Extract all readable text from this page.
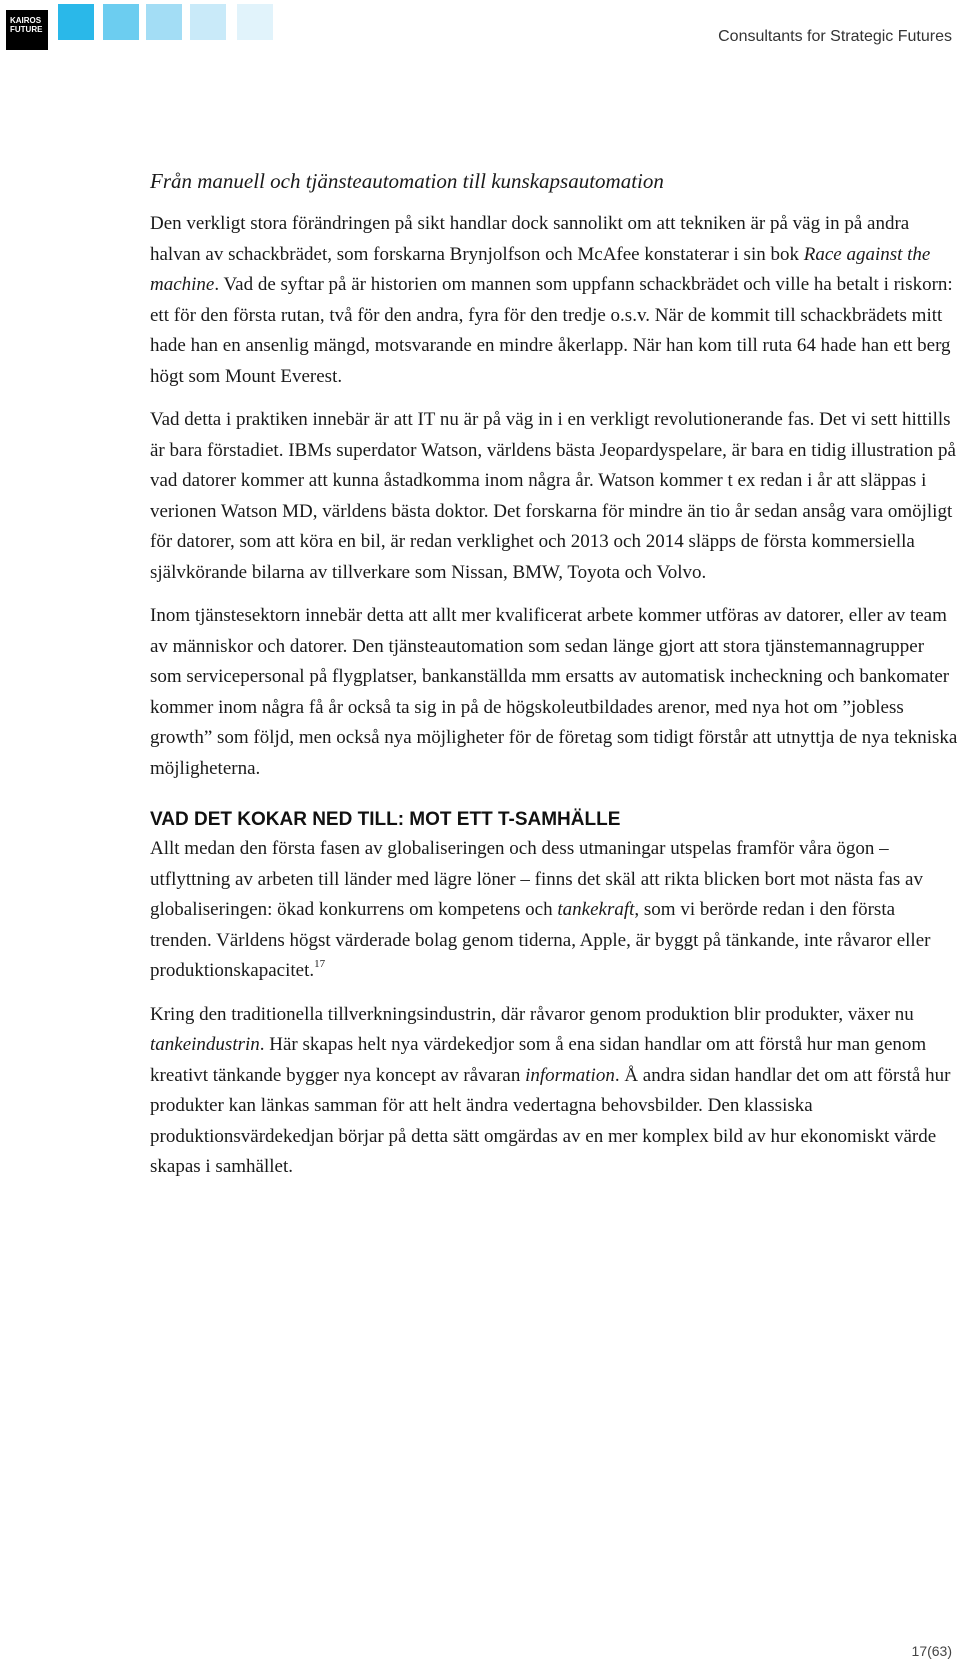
KAIROS
FUTURE	Consultants for Strategic Futures

Från manuell och tjänsteautomation till kunskapsautomation

Den verkligt stora förändringen på sikt handlar dock sannolikt om att tekniken är på väg in på andra halvan av schackbrädet, som forskarna Brynjolfson och McAfee konstaterar i sin bok Race against the machine. Vad de syftar på är historien om mannen som uppfann schackbrädet och ville ha betalt i riskorn: ett för den första rutan, två för den andra, fyra för den tredje o.s.v. När de kommit till schackbrädets mitt hade han en ansenlig mängd, motsvarande en mindre åkerlapp. När han kom till ruta 64 hade han ett berg högt som Mount Everest.

Vad detta i praktiken innebär är att IT nu är på väg in i en verkligt revolutionerande fas. Det vi sett hittills är bara förstadiet. IBMs superdator Watson, världens bästa Jeopardyspelare, är bara en tidig illustration på vad datorer kommer att kunna åstadkomma inom några år. Watson kommer t ex redan i år att släppas i verionen Watson MD, världens bästa doktor. Det forskarna för mindre än tio år sedan ansåg vara omöjligt för datorer, som att köra en bil, är redan verklighet och 2013 och 2014 släpps de första kommersiella självkörande bilarna av tillverkare som Nissan, BMW, Toyota och Volvo.

Inom tjänstesektorn innebär detta att allt mer kvalificerat arbete kommer utföras av datorer, eller av team av människor och datorer. Den tjänsteautomation som sedan länge gjort att stora tjänstemannagrupper som servicepersonal på flygplatser, bankanställda mm ersatts av automatisk incheckning och bankomater kommer inom några få år också ta sig in på de högskoleutbildades arenor, med nya hot om ”jobless growth” som följd, men också nya möjligheter för de företag som tidigt förstår att utnyttja de nya tekniska möjligheterna.

VAD DET KOKAR NED TILL: MOT ETT T-SAMHÄLLE

Allt medan den första fasen av globaliseringen och dess utmaningar utspelas framför våra ögon – utflyttning av arbeten till länder med lägre löner – finns det skäl att rikta blicken bort mot nästa fas av globaliseringen: ökad konkurrens om kompetens och tankekraft, som vi berörde redan i den första trenden. Världens högst värderade bolag genom tiderna, Apple, är byggt på tänkande, inte råvaror eller produktionskapacitet.$^{17}$

Kring den traditionella tillverkningsindustrin, där råvaror genom produktion blir produkter, växer nu tankeindustrin. Här skapas helt nya värdekedjor som å ena sidan handlar om att förstå hur man genom kreativt tänkande bygger nya koncept av råvaran information. Å andra sidan handlar det om att förstå hur produkter kan länkas samman för att helt ändra vedertagna behovsbilder. Den klassiska produktionsvärdekedjan börjar på detta sätt omgärdas av en mer komplex bild av hur ekonomiskt värde skapas i samhället.

17(63)
